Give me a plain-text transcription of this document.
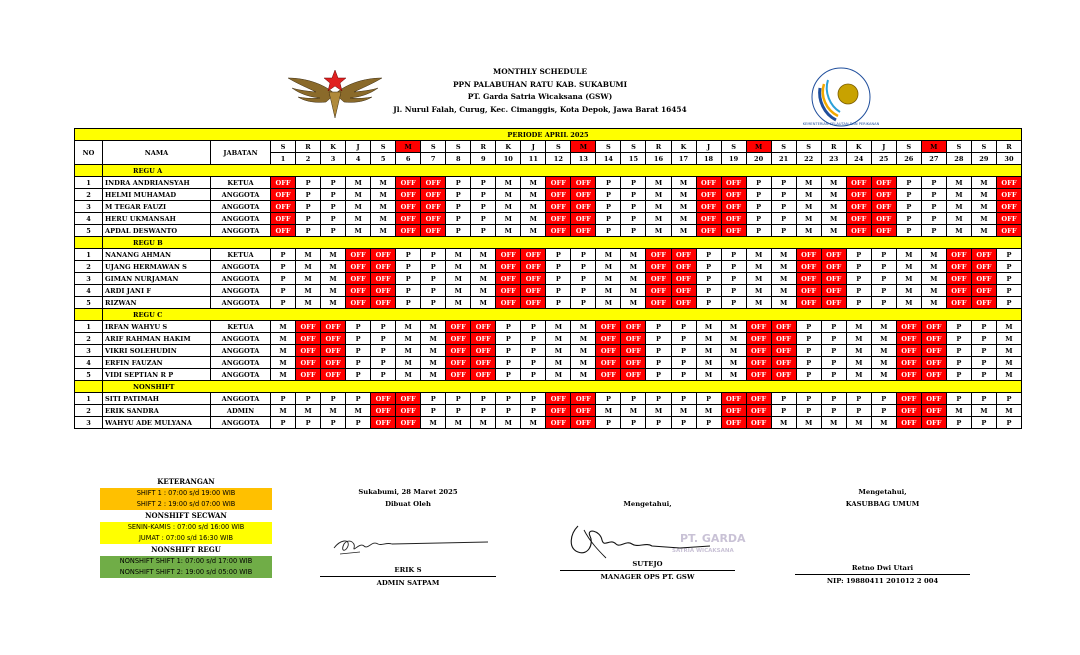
KEMENTERIAN KELAUTAN DAN PERIKANAN
MONTHLY SCHEDULE
PPN PALABUHAN RATU KAB. SUKABUMI
PT. Garda Satria Wicaksana (GSW)
Jl. Nurul Falah, Curug, Kec. Cimanggis, Kota Depok, Jawa Barat 16454
PERIODE APRIL 2025																																
NO	NAMA	JABATAN	S	R	K	J	S	M	S	S	R	K	J	S	M	S	S	R	K	J	S	M	S	S	R	K	J	S	M	S	S	R
			1	2	3	4	5	6	7	8	9	10	11	12	13	14	15	16	17	18	19	20	21	22	23	24	25	26	27	28	29	30
	REGU A																															
1	INDRA ANDRIANSYAH	KETUA	OFF	P	P	M	M	OFF	OFF	P	P	M	M	OFF	OFF	P	P	M	M	OFF	OFF	P	P	M	M	OFF	OFF	P	P	M	M	OFF
2	HELMI MUHAMAD	ANGGOTA	OFF	P	P	M	M	OFF	OFF	P	P	M	M	OFF	OFF	P	P	M	M	OFF	OFF	P	P	M	M	OFF	OFF	P	P	M	M	OFF
3	M TEGAR FAUZI	ANGGOTA	OFF	P	P	M	M	OFF	OFF	P	P	M	M	OFF	OFF	P	P	M	M	OFF	OFF	P	P	M	M	OFF	OFF	P	P	M	M	OFF
4	HERU UKMANSAH	ANGGOTA	OFF	P	P	M	M	OFF	OFF	P	P	M	M	OFF	OFF	P	P	M	M	OFF	OFF	P	P	M	M	OFF	OFF	P	P	M	M	OFF
5	APDAL DESWANTO	ANGGOTA	OFF	P	P	M	M	OFF	OFF	P	P	M	M	OFF	OFF	P	P	M	M	OFF	OFF	P	P	M	M	OFF	OFF	P	P	M	M	OFF
	REGU B																															
1	NANANG AHMAN	KETUA	P	M	M	OFF	OFF	P	P	M	M	OFF	OFF	P	P	M	M	OFF	OFF	P	P	M	M	OFF	OFF	P	P	M	M	OFF	OFF	P
2	UJANG HERMAWAN S	ANGGOTA	P	M	M	OFF	OFF	P	P	M	M	OFF	OFF	P	P	M	M	OFF	OFF	P	P	M	M	OFF	OFF	P	P	M	M	OFF	OFF	P
3	GIMAN NURJAMAN	ANGGOTA	P	M	M	OFF	OFF	P	P	M	M	OFF	OFF	P	P	M	M	OFF	OFF	P	P	M	M	OFF	OFF	P	P	M	M	OFF	OFF	P
4	ARDI JANI F	ANGGOTA	P	M	M	OFF	OFF	P	P	M	M	OFF	OFF	P	P	M	M	OFF	OFF	P	P	M	M	OFF	OFF	P	P	M	M	OFF	OFF	P
5	RIZWAN	ANGGOTA	P	M	M	OFF	OFF	P	P	M	M	OFF	OFF	P	P	M	M	OFF	OFF	P	P	M	M	OFF	OFF	P	P	M	M	OFF	OFF	P
	REGU C																															
1	IRFAN WAHYU S	KETUA	M	OFF	OFF	P	P	M	M	OFF	OFF	P	P	M	M	OFF	OFF	P	P	M	M	OFF	OFF	P	P	M	M	OFF	OFF	P	P	M
2	ARIF RAHMAN HAKIM	ANGGOTA	M	OFF	OFF	P	P	M	M	OFF	OFF	P	P	M	M	OFF	OFF	P	P	M	M	OFF	OFF	P	P	M	M	OFF	OFF	P	P	M
3	VIKRI SOLEHUDIN	ANGGOTA	M	OFF	OFF	P	P	M	M	OFF	OFF	P	P	M	M	OFF	OFF	P	P	M	M	OFF	OFF	P	P	M	M	OFF	OFF	P	P	M
4	ERFIN FAUZAN	ANGGOTA	M	OFF	OFF	P	P	M	M	OFF	OFF	P	P	M	M	OFF	OFF	P	P	M	M	OFF	OFF	P	P	M	M	OFF	OFF	P	P	M
5	VIDI SEPTIAN R P	ANGGOTA	M	OFF	OFF	P	P	M	M	OFF	OFF	P	P	M	M	OFF	OFF	P	P	M	M	OFF	OFF	P	P	M	M	OFF	OFF	P	P	M
	NONSHIFT																															
1	SITI PATIMAH	ANGGOTA	P	P	P	P	OFF	OFF	P	P	P	P	P	OFF	OFF	P	P	P	P	P	OFF	OFF	P	P	P	P	P	OFF	OFF	P	P	P
2	ERIK SANDRA	ADMIN	M	M	M	M	OFF	OFF	P	P	P	P	P	OFF	OFF	M	M	M	M	M	OFF	OFF	P	P	P	P	P	OFF	OFF	M	M	M
3	WAHYU ADE MULYANA	ANGGOTA	P	P	P	P	OFF	OFF	M	M	M	M	M	OFF	OFF	P	P	P	P	P	OFF	OFF	M	M	M	M	M	OFF	OFF	P	P	P
KETERANGAN
SHIFT 1 : 07:00 s/d 19:00 WIB
SHIFT 2 : 19:00 s/d 07:00 WIB
NONSHIFT SECWAN
SENIN-KAMIS : 07:00 s/d 16:00 WIB
JUMAT : 07:00 s/d 16:30 WIB
NONSHIFT REGU
NONSHIFT SHIFT 1: 07:00 s/d 17:00 WIB
NONSHIFT SHIFT 2: 19:00 s/d 05:00 WIB
Sukabumi, 28 Maret 2025
Dibuat Oleh
ERIK S
ADMIN SATPAM
Mengetahui,
PT. GARDA
SATRIA WICAKSANA
SUTEJO
MANAGER OPS PT. GSW
Mengetahui,
KASUBBAG UMUM
Retno Dwi Utari
NIP: 19880411 201012 2 004
